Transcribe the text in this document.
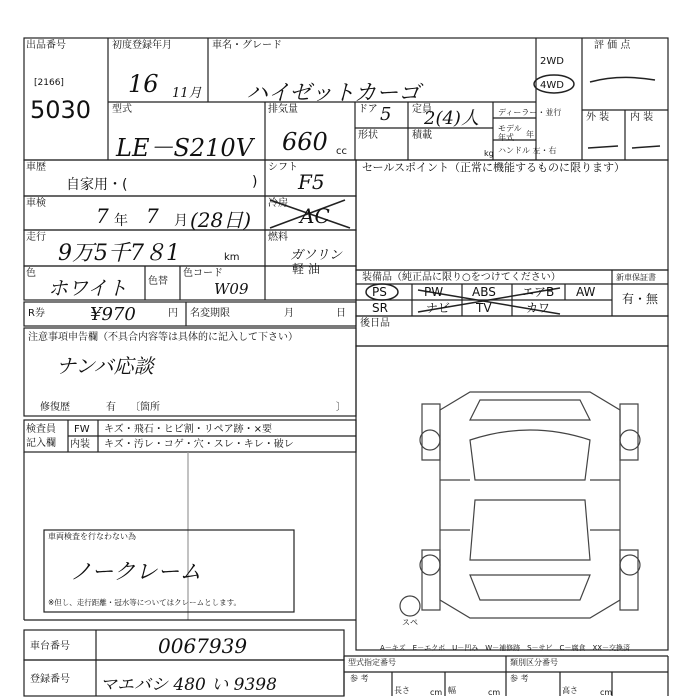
出品番号
[2166]
5030
初度登録年月
16 11月
車名・グレード
ハイゼットカーゴ
2WD
4WD
評 価 点
外 装 内 装
型式
LE－S210V
排気量
660 cc
ドア 5 定員
2(4)人
形状	積載
kg
ディーラー・並行
モデル年式	年
ハンドル 左・右
車歴
自家用・(	)
シフト
F5
セールスポイント（正常に機能するものに限ります）
車検
7 年 7 月 (28日)
冷房
AC
走行
9万5千7８1	km
燃料
ガソリン
軽 油
色
ホワイト 色替
色コード
W09
装備品（純正品に限り○をつけてください）
PS	PW ABS エアB AW
SR	ナビ TV	カワ
新車保証書
有・無
後日品
R券	¥970	円 名変期限	月	日
注意事項申告欄（不具合内容等は具体的に記入して下さい）
ナンバ応談
修復歴	有 〔箇所	〕
検査員
記入欄
FW キズ・飛石・ヒビ割・リペア跡・×要
内装 キズ・汚レ・コゲ・穴・スレ・キレ・破レ
車両検査を行なわない為
ノークレーム
※但し、走行距離・冠水等についてはクレームとします。
スペ
A－キズ　E－エクボ　U－凹み　W－補修跡　S－サビ　C－腐食　XX－交換済
車台番号	0067939
登録番号 マエバシ 480 い 9398
型式指定番号	類別区分番号
参 考	参 考
長さ	cm 幅	cm	高さ	cm
